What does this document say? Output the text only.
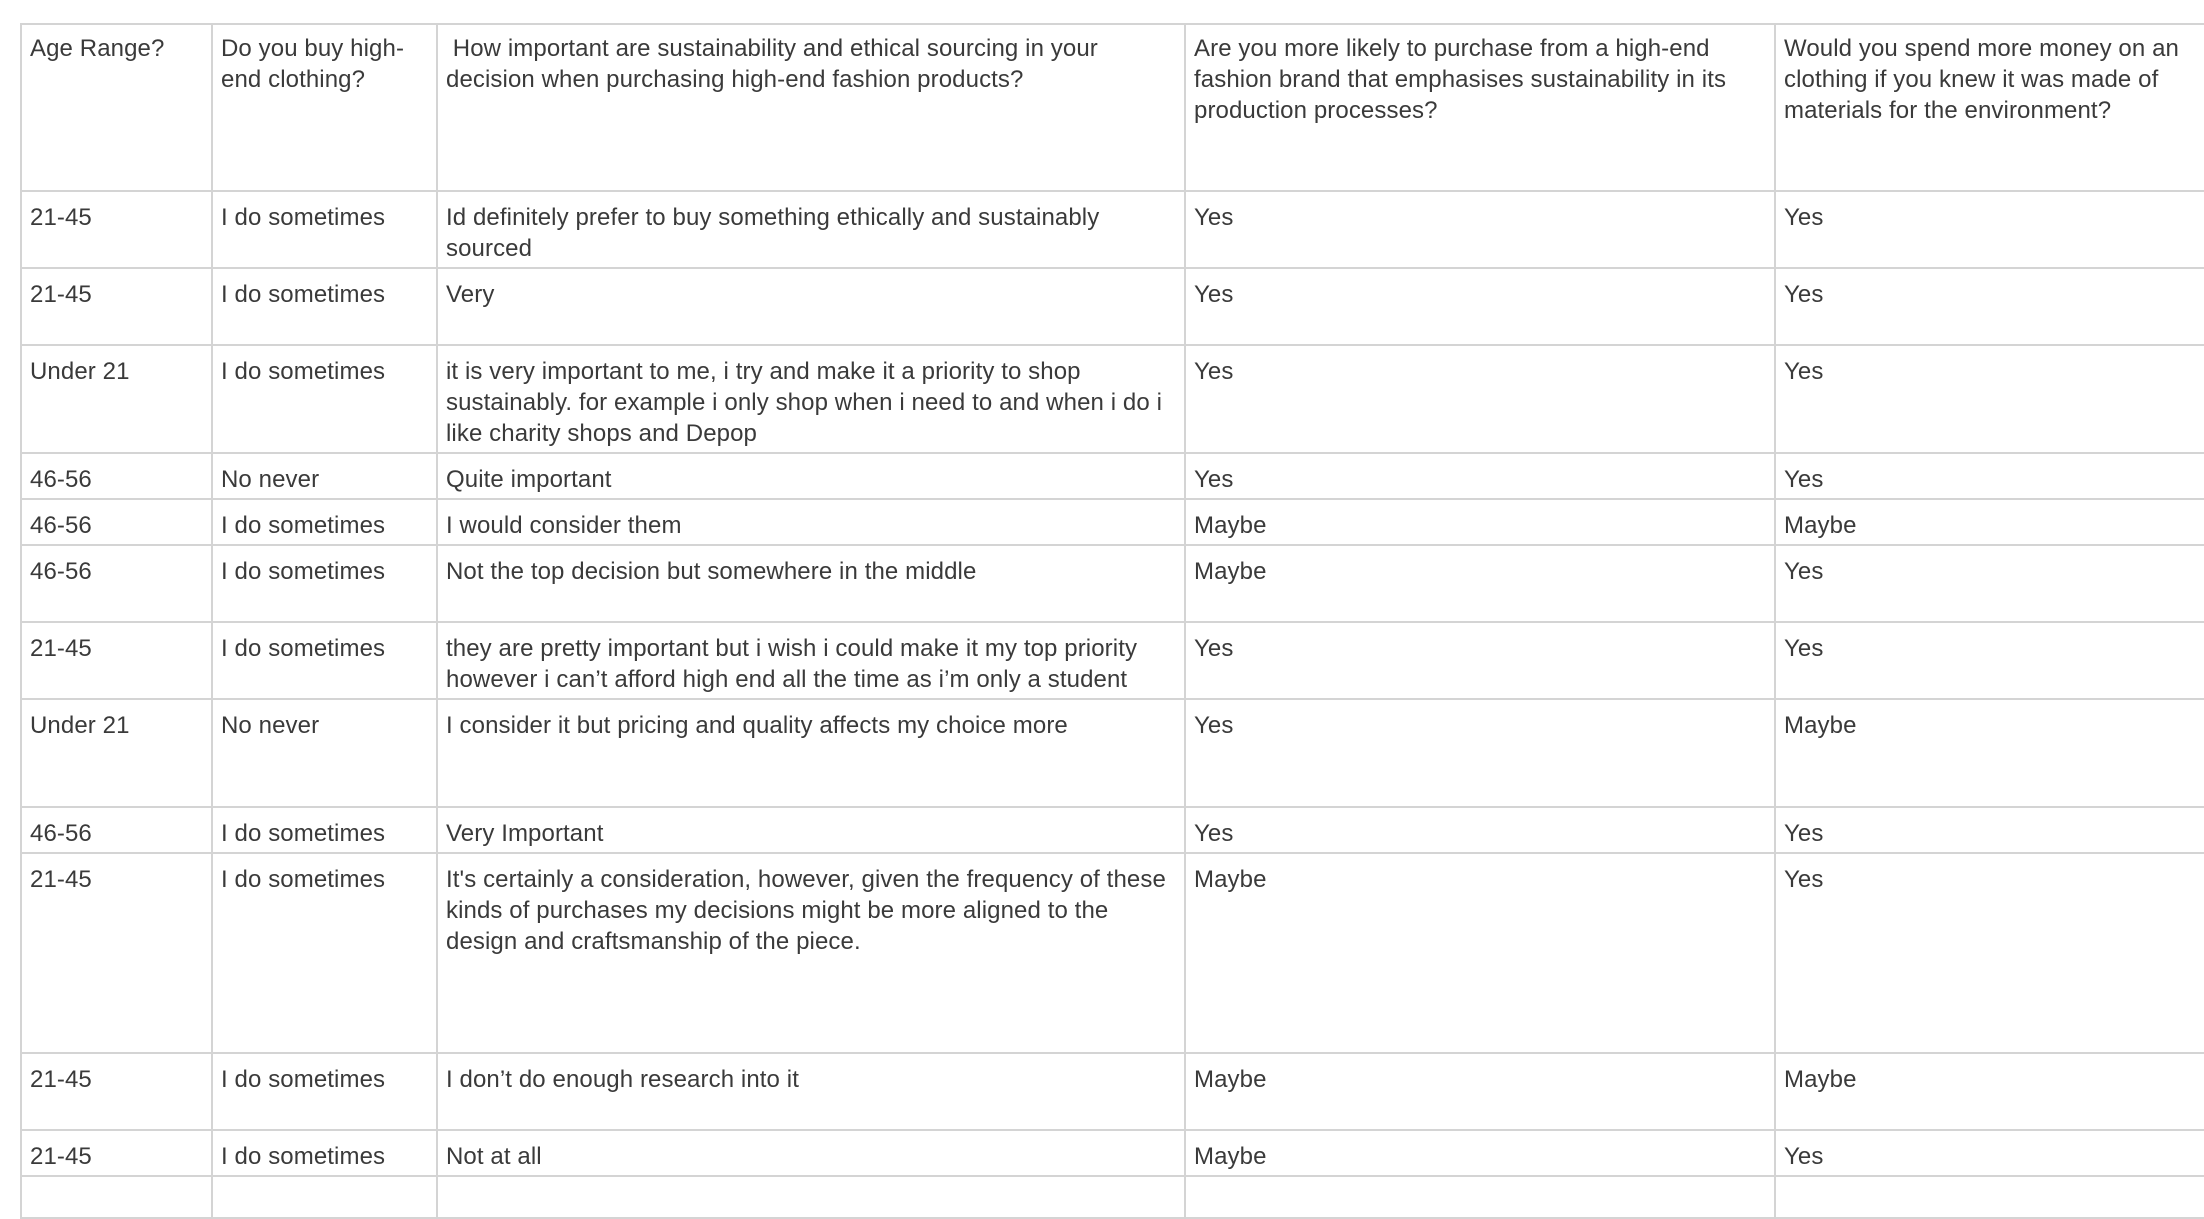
Age Range?	Do you buy high-end clothing?	How important are sustainability and ethical sourcing in your decision when purchasing high-end fashion products?	Are you more likely to purchase from a high-end fashion brand that emphasises sustainability in its production processes?	Would you spend more money on an clothing if you knew it was made of materials for the environment?

21-45	I do sometimes	Id definitely prefer to buy something ethically and sustainably sourced	Yes	Yes

21-45	I do sometimes	Very	Yes	Yes

Under 21	I do sometimes	it is very important to me, i try and make it a priority to shop sustainably. for example i only shop when i need to and when i do i like charity shops and Depop	Yes	Yes

46-56	No never	Quite important	Yes	Yes

46-56	I do sometimes	I would consider them	Maybe	Maybe

46-56	I do sometimes	Not the top decision but somewhere in the middle	Maybe	Yes

21-45	I do sometimes	they are pretty important but i wish i could make it my top priority however i can’t afford high end all the time as i’m only a student	Yes	Yes

Under 21	No never	I consider it but pricing and quality affects my choice more	Yes	Maybe

46-56	I do sometimes	Very Important	Yes	Yes

21-45	I do sometimes	It's certainly a consideration, however, given the frequency of these kinds of purchases my decisions might be more aligned to the design and craftsmanship of the piece.	Maybe	Yes

21-45	I do sometimes	I don’t do enough research into it	Maybe	Maybe

21-45	I do sometimes	Not at all	Maybe	Yes
